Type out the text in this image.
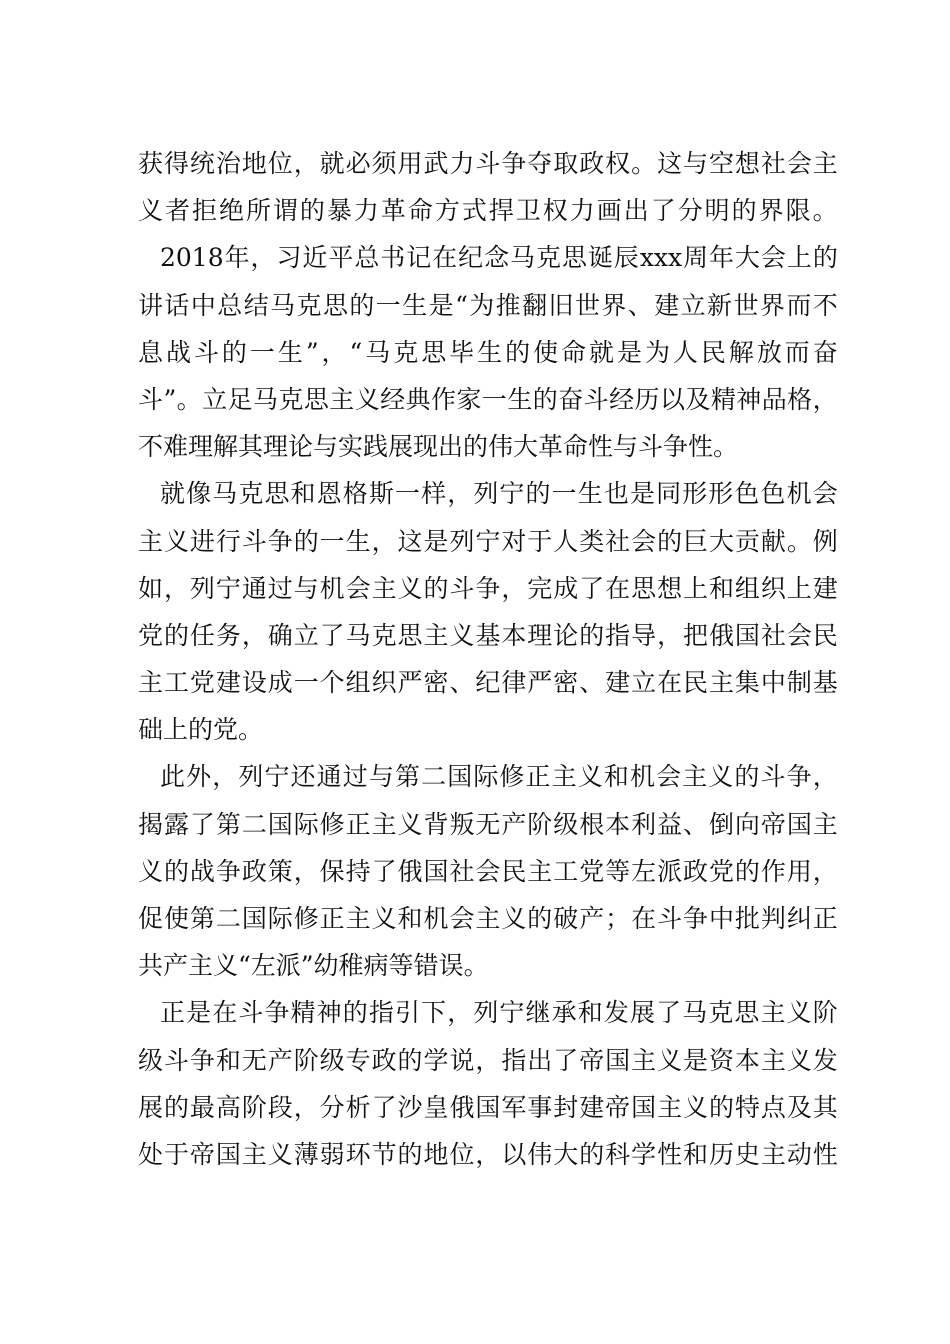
获 得 统 治 地 位 ， 就 必 须 用 武 力 斗 争 夺 取 政 权 。 这 与 空 想 社 会 主
义 者 拒 绝 所 谓 的 暴 力 革 命 方 式 捍 卫 权 力 画 出 了 分 明 的 界 限 。
2018 年 ， 习 近 平 总 书 记 在 纪 念 马 克 思 诞 辰 xxx 周 年 大 会 上 的
讲 话 中 总 结 马 克 思 的 一 生 是 “ 为 推 翻 旧 世 界 、 建 立 新 世 界 而 不
息 战 斗 的 一 生 ” ， “ 马 克 思 毕 生 的 使 命 就 是 为 人 民 解 放 而 奋
斗 ” 。 立 足 马 克 思 主 义 经 典 作 家 一 生 的 奋 斗 经 历 以 及 精 神 品 格 ，
不难理解其理论与实践展现出的伟大革命性与斗争性。
就 像 马 克 思 和 恩 格 斯 一 样 ， 列 宁 的 一 生 也 是 同 形 形 色 色 机 会
主 义 进 行 斗 争 的 一 生 ， 这 是 列 宁 对 于 人 类 社 会 的 巨 大 贡 献 。 例
如 ， 列 宁 通 过 与 机 会 主 义 的 斗 争 ， 完 成 了 在 思 想 上 和 组 织 上 建
党 的 任 务 ， 确 立 了 马 克 思 主 义 基 本 理 论 的 指 导 ， 把 俄 国 社 会 民
主 工 党 建 设 成 一 个 组 织 严 密 、 纪 律 严 密 、 建 立 在 民 主 集 中 制 基
础上的党。
此 外 ， 列 宁 还 通 过 与 第 二 国 际 修 正 主 义 和 机 会 主 义 的 斗 争 ，
揭 露 了 第 二 国 际 修 正 主 义 背 叛 无 产 阶 级 根 本 利 益 、 倒 向 帝 国 主
义 的 战 争 政 策 ， 保 持 了 俄 国 社 会 民 主 工 党 等 左 派 政 党 的 作 用 ，
促 使 第 二 国 际 修 正 主 义 和 机 会 主 义 的 破 产 ； 在 斗 争 中 批 判 纠 正
共产主义“左派”幼稚病等错误。
正 是 在 斗 争 精 神 的 指 引 下 ， 列 宁 继 承 和 发 展 了 马 克 思 主 义 阶
级 斗 争 和 无 产 阶 级 专 政 的 学 说 ， 指 出 了 帝 国 主 义 是 资 本 主 义 发
展 的 最 高 阶 段 ， 分 析 了 沙 皇 俄 国 军 事 封 建 帝 国 主 义 的 特 点 及 其
处 于 帝 国 主 义 薄 弱 环 节 的 地 位 ， 以 伟 大 的 科 学 性 和 历 史 主 动 性
